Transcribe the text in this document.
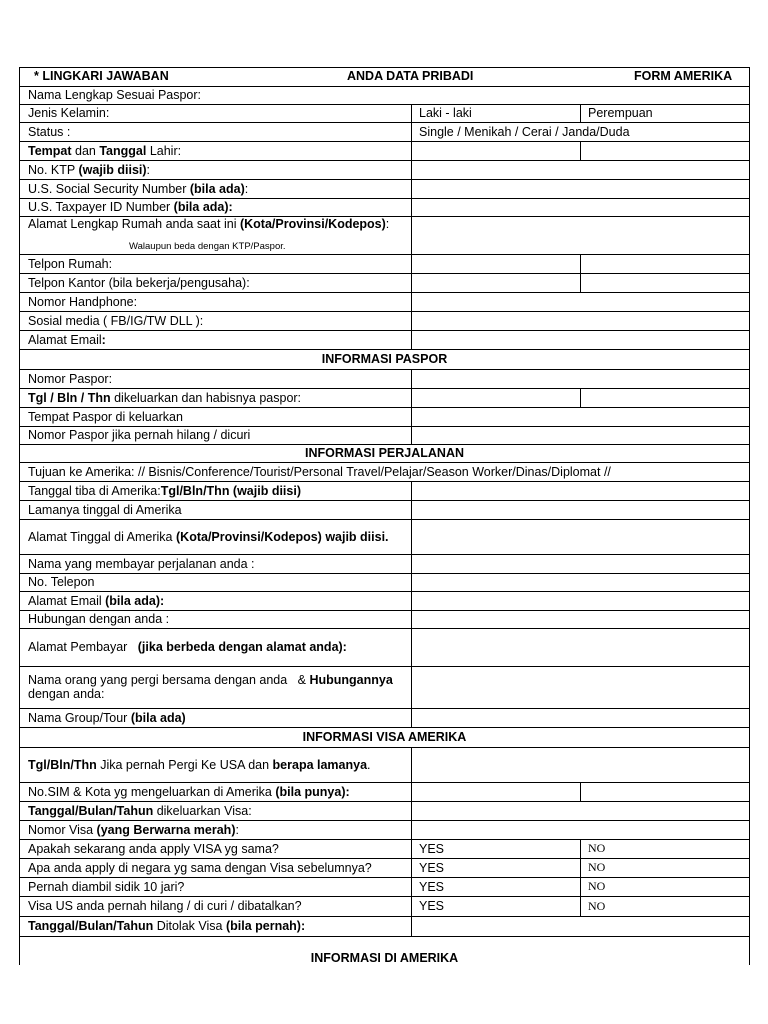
* LINGKARI JAWABAN	ANDA DATA PRIBADI	FORM AMERIKA
Nama Lengkap Sesuai Paspor:
Jenis Kelamin:	Laki - laki	Perempuan
Status :	Single / Menikah / Cerai / Janda/Duda
Tempat dan Tanggal Lahir:
No. KTP (wajib diisi):
U.S. Social Security Number (bila ada):
U.S. Taxpayer ID Number (bila ada):
Alamat Lengkap Rumah anda saat ini (Kota/Provinsi/Kodepos):
Walaupun beda dengan KTP/Paspor.
Telpon Rumah:
Telpon Kantor (bila bekerja/pengusaha):
Nomor Handphone:
Sosial media ( FB/IG/TW DLL ):
Alamat Email:
INFORMASI PASPOR
Nomor Paspor:
Tgl / Bln / Thn dikeluarkan dan habisnya paspor:
Tempat Paspor di keluarkan
Nomor Paspor jika pernah hilang / dicuri
INFORMASI PERJALANAN
Tujuan ke Amerika: // Bisnis/Conference/Tourist/Personal Travel/Pelajar/Season Worker/Dinas/Diplomat //
Tanggal tiba di Amerika:Tgl/Bln/Thn (wajib diisi)
Lamanya tinggal di Amerika
Alamat Tinggal di Amerika (Kota/Provinsi/Kodepos) wajib diisi.
Nama yang membayar perjalanan anda :
No. Telepon
Alamat Email (bila ada):
Hubungan dengan anda :
Alamat Pembayar   (jika berbeda dengan alamat anda):
Nama orang yang pergi bersama dengan anda   & Hubungannya dengan anda:
Nama Group/Tour (bila ada)
INFORMASI VISA AMERIKA
Tgl/Bln/Thn Jika pernah Pergi Ke USA dan berapa lamanya.
No.SIM & Kota yg mengeluarkan di Amerika (bila punya):
Tanggal/Bulan/Tahun dikeluarkan Visa:
Nomor Visa (yang Berwarna merah):
Apakah sekarang anda apply VISA yg sama?	YES	NO
Apa anda apply di negara yg sama dengan Visa sebelumnya?	YES	NO
Pernah diambil sidik 10 jari?	YES	NO
Visa US anda pernah hilang / di curi / dibatalkan?	YES	NO
Tanggal/Bulan/Tahun Ditolak Visa (bila pernah):
INFORMASI DI AMERIKA
